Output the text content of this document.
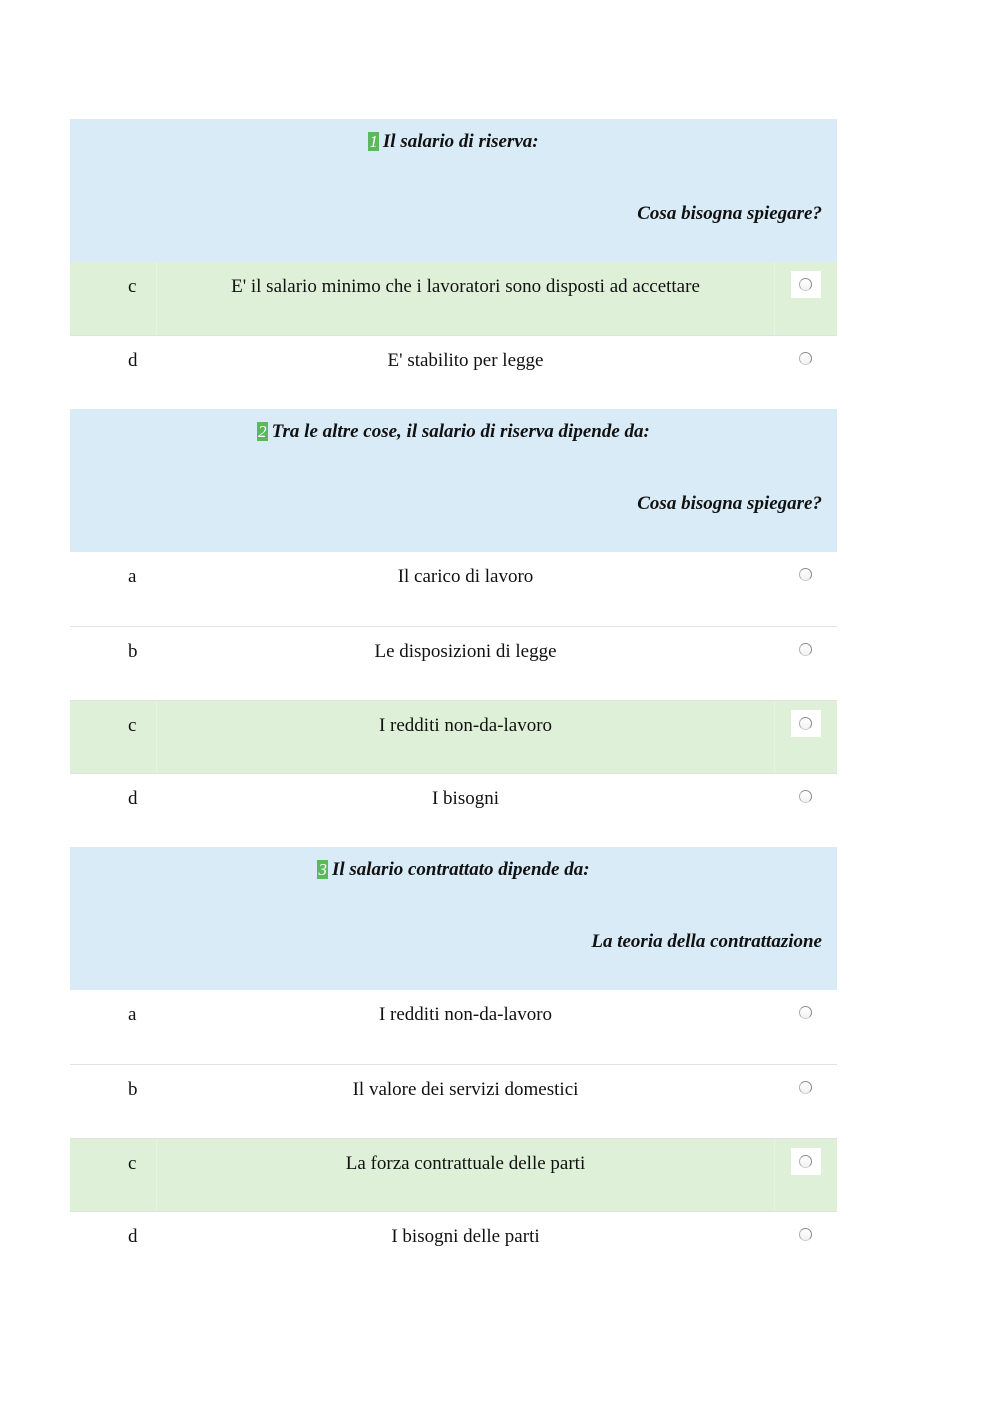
1 Il salario di riserva:
Cosa bisogna spiegare?
c	E' il salario minimo che i lavoratori sono disposti ad accettare
d	E' stabilito per legge
2 Tra le altre cose, il salario di riserva dipende da:
Cosa bisogna spiegare?
a	Il carico di lavoro
b	Le disposizioni di legge
c	I redditi non-da-lavoro
d	I bisogni
3 Il salario contrattato dipende da:
La teoria della contrattazione
a	I redditi non-da-lavoro
b	Il valore dei servizi domestici
c	La forza contrattuale delle parti
d	I bisogni delle parti
